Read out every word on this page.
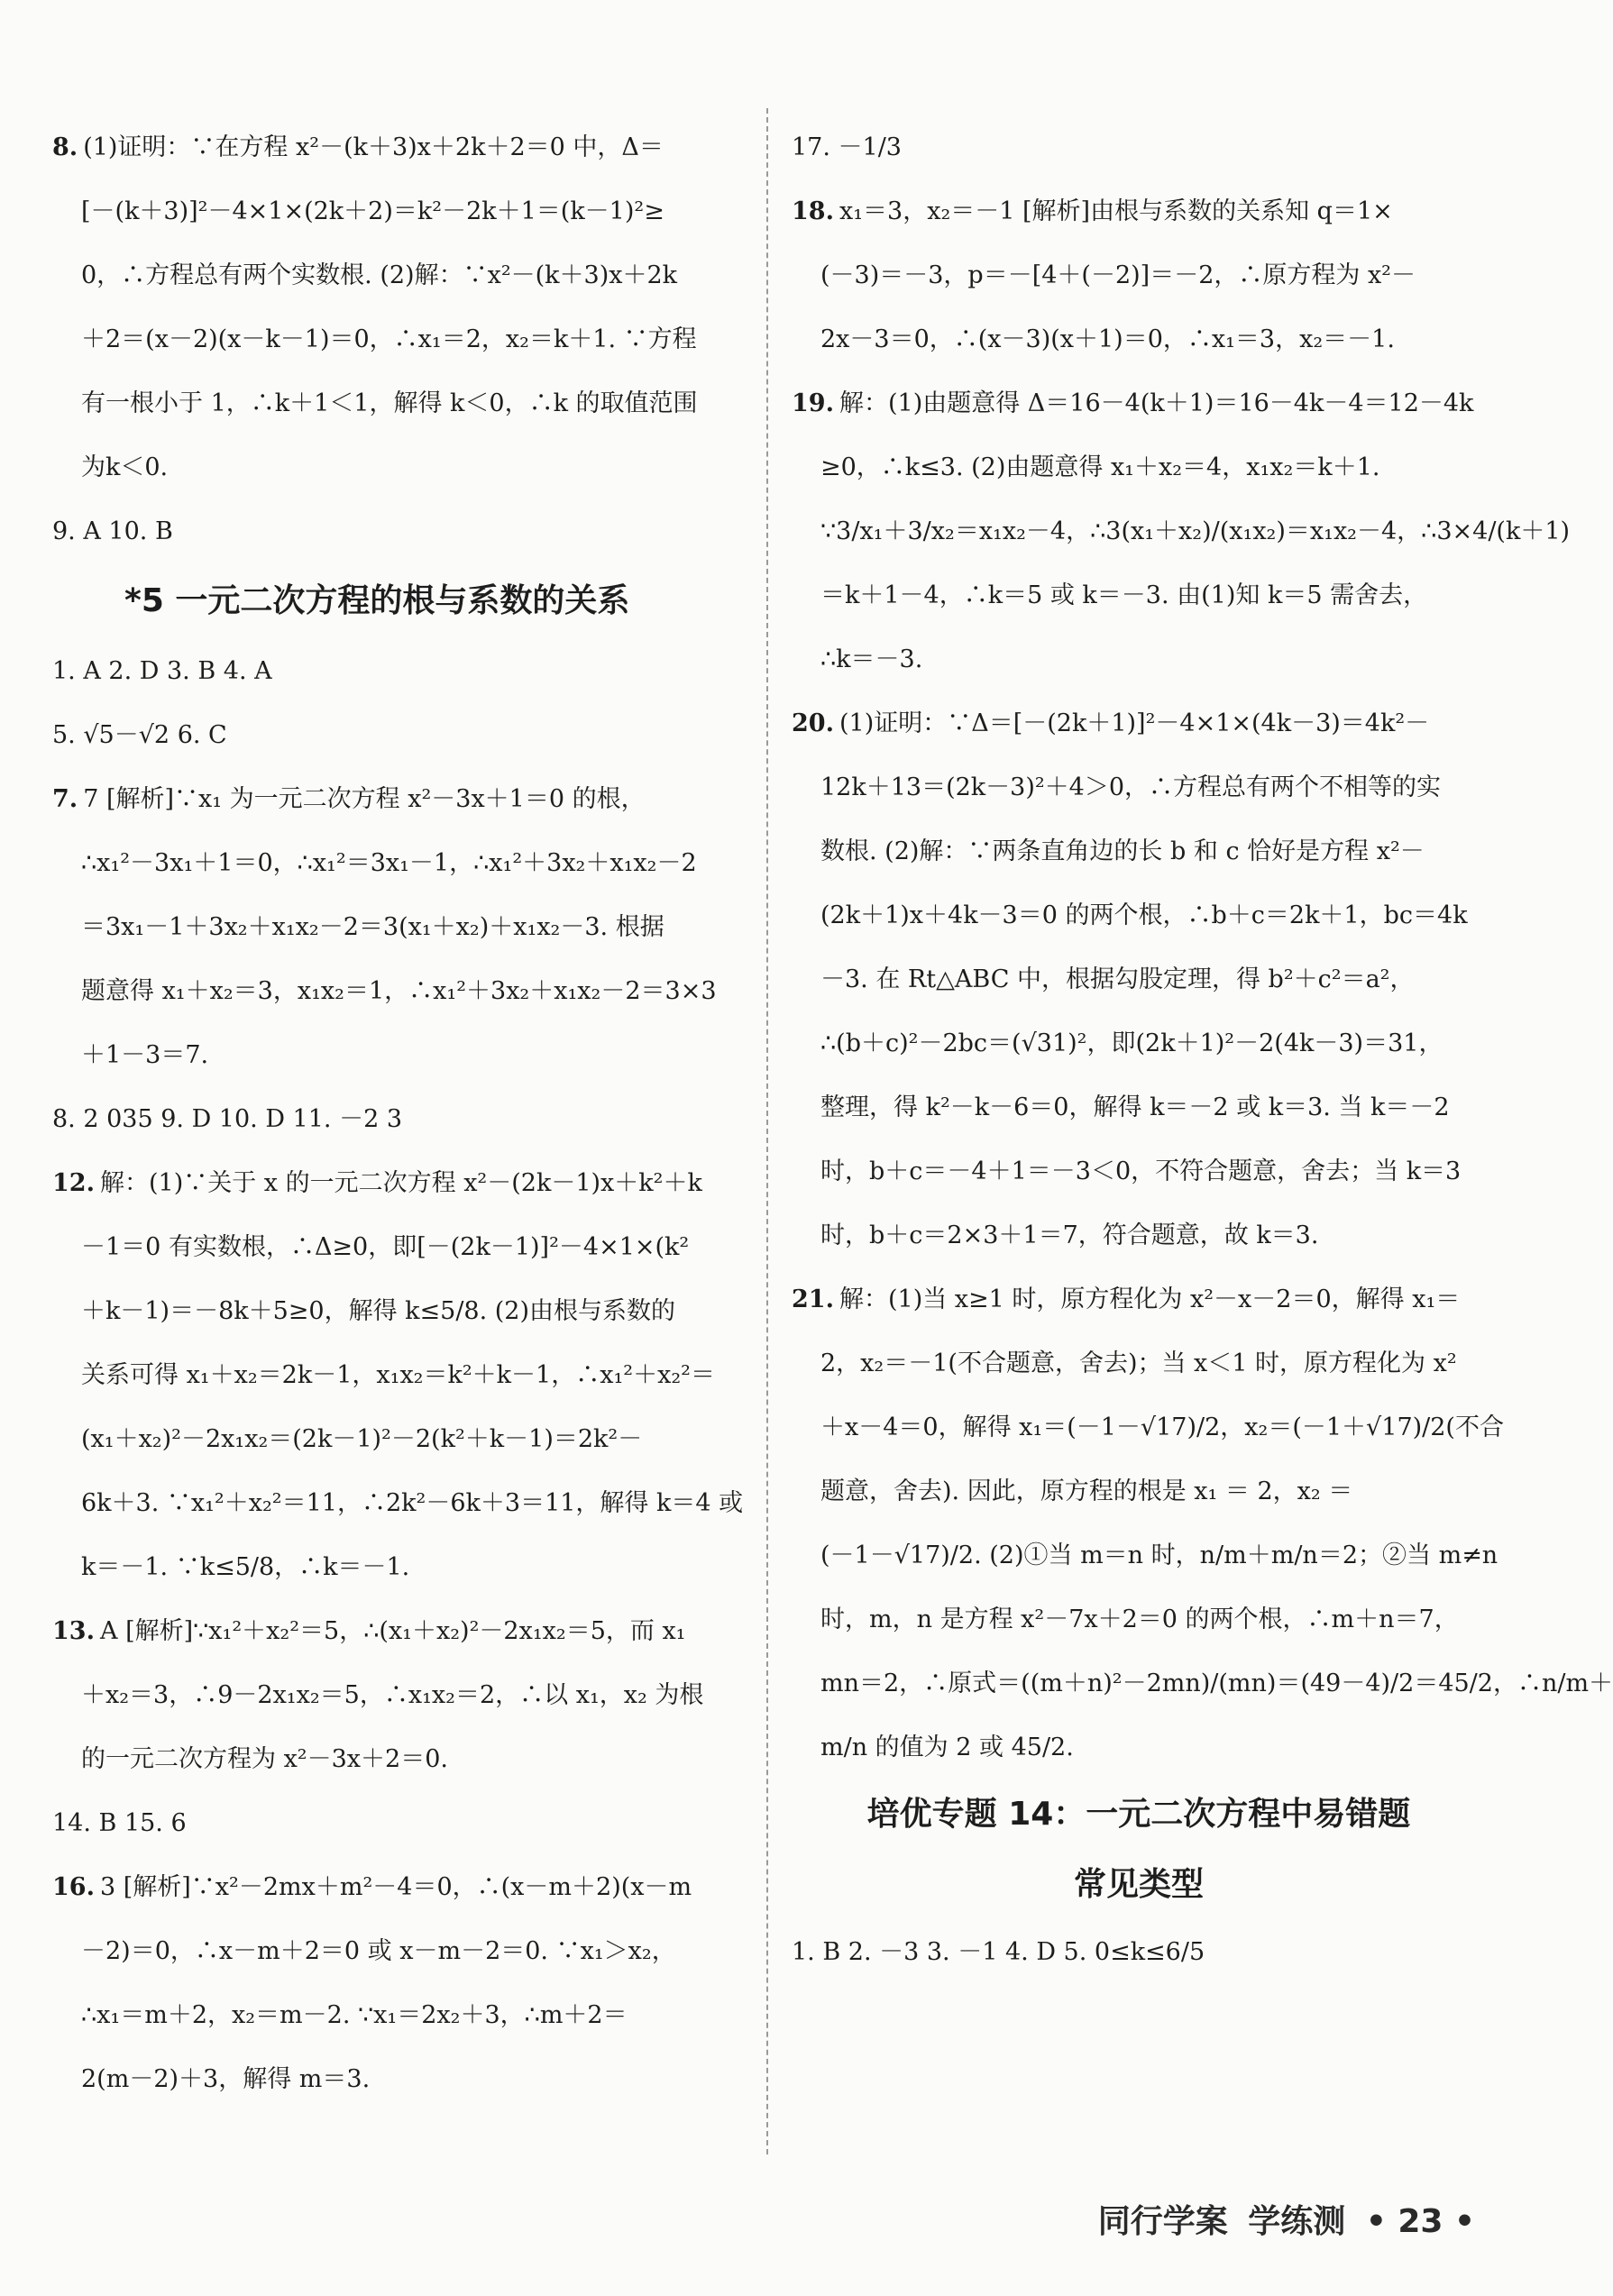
8. (1)证明：∵在方程 x²－(k＋3)x＋2k＋2＝0 中，Δ＝
[－(k＋3)]²－4×1×(2k＋2)＝k²－2k＋1＝(k－1)²≥
0，∴方程总有两个实数根. (2)解：∵x²－(k＋3)x＋2k
＋2＝(x－2)(x－k－1)＝0，∴x₁＝2，x₂＝k＋1. ∵方程
有一根小于 1，∴k＋1＜1，解得 k＜0，∴k 的取值范围
为k＜0.
9. A 10. B
*5 一元二次方程的根与系数的关系
1. A 2. D 3. B 4. A
5. √5－√2 6. C
7. 7 [解析]∵x₁ 为一元二次方程 x²－3x＋1＝0 的根，
∴x₁²－3x₁＋1＝0，∴x₁²＝3x₁－1，∴x₁²＋3x₂＋x₁x₂－2
＝3x₁－1＋3x₂＋x₁x₂－2＝3(x₁＋x₂)＋x₁x₂－3. 根据
题意得 x₁＋x₂＝3，x₁x₂＝1，∴x₁²＋3x₂＋x₁x₂－2＝3×3
＋1－3＝7.
8. 2 035 9. D 10. D 11. －2 3
12. 解：(1)∵关于 x 的一元二次方程 x²－(2k－1)x＋k²＋k
－1＝0 有实数根，∴Δ≥0，即[－(2k－1)]²－4×1×(k²
＋k－1)＝－8k＋5≥0，解得 k≤5/8. (2)由根与系数的
关系可得 x₁＋x₂＝2k－1，x₁x₂＝k²＋k－1，∴x₁²＋x₂²＝
(x₁＋x₂)²－2x₁x₂＝(2k－1)²－2(k²＋k－1)＝2k²－
6k＋3. ∵x₁²＋x₂²＝11，∴2k²－6k＋3＝11，解得 k＝4 或
k＝－1. ∵k≤5/8，∴k＝－1.
13. A [解析]∵x₁²＋x₂²＝5，∴(x₁＋x₂)²－2x₁x₂＝5，而 x₁
＋x₂＝3，∴9－2x₁x₂＝5，∴x₁x₂＝2，∴以 x₁，x₂ 为根
的一元二次方程为 x²－3x＋2＝0.
14. B 15. 6
16. 3 [解析]∵x²－2mx＋m²－4＝0，∴(x－m＋2)(x－m
－2)＝0，∴x－m＋2＝0 或 x－m－2＝0. ∵x₁＞x₂，
∴x₁＝m＋2，x₂＝m－2. ∵x₁＝2x₂＋3，∴m＋2＝
2(m－2)＋3，解得 m＝3.
17. －1/3
18. x₁＝3，x₂＝－1 [解析]由根与系数的关系知 q＝1×
(－3)＝－3，p＝－[4＋(－2)]＝－2，∴原方程为 x²－
2x－3＝0，∴(x－3)(x＋1)＝0，∴x₁＝3，x₂＝－1.
19. 解：(1)由题意得 Δ＝16－4(k＋1)＝16－4k－4＝12－4k
≥0，∴k≤3. (2)由题意得 x₁＋x₂＝4，x₁x₂＝k＋1.
∵3/x₁＋3/x₂＝x₁x₂－4，∴3(x₁＋x₂)/(x₁x₂)＝x₁x₂－4，∴3×4/(k＋1)
＝k＋1－4，∴k＝5 或 k＝－3. 由(1)知 k＝5 需舍去，
∴k＝－3.
20. (1)证明：∵Δ＝[－(2k＋1)]²－4×1×(4k－3)＝4k²－
12k＋13＝(2k－3)²＋4＞0，∴方程总有两个不相等的实
数根. (2)解：∵两条直角边的长 b 和 c 恰好是方程 x²－
(2k＋1)x＋4k－3＝0 的两个根，∴b＋c＝2k＋1，bc＝4k
－3. 在 Rt△ABC 中，根据勾股定理，得 b²＋c²＝a²，
∴(b＋c)²－2bc＝(√31)²，即(2k＋1)²－2(4k－3)＝31，
整理，得 k²－k－6＝0，解得 k＝－2 或 k＝3. 当 k＝－2
时，b＋c＝－4＋1＝－3＜0，不符合题意，舍去；当 k＝3
时，b＋c＝2×3＋1＝7，符合题意，故 k＝3.
21. 解：(1)当 x≥1 时，原方程化为 x²－x－2＝0，解得 x₁＝
2，x₂＝－1(不合题意，舍去)；当 x＜1 时，原方程化为 x²
＋x－4＝0，解得 x₁＝(－1－√17)/2，x₂＝(－1＋√17)/2(不合
题意，舍去). 因此，原方程的根是 x₁ ＝ 2，x₂ ＝
(－1－√17)/2. (2)①当 m＝n 时，n/m＋m/n＝2；②当 m≠n
时，m，n 是方程 x²－7x＋2＝0 的两个根，∴m＋n＝7，
mn＝2，∴原式＝((m＋n)²－2mn)/(mn)＝(49－4)/2＝45/2，∴n/m＋
m/n 的值为 2 或 45/2.
培优专题 14：一元二次方程中易错题
常见类型
1. B 2. －3 3. －1 4. D 5. 0≤k≤6/5
同行学案 学练测 • 23 •
